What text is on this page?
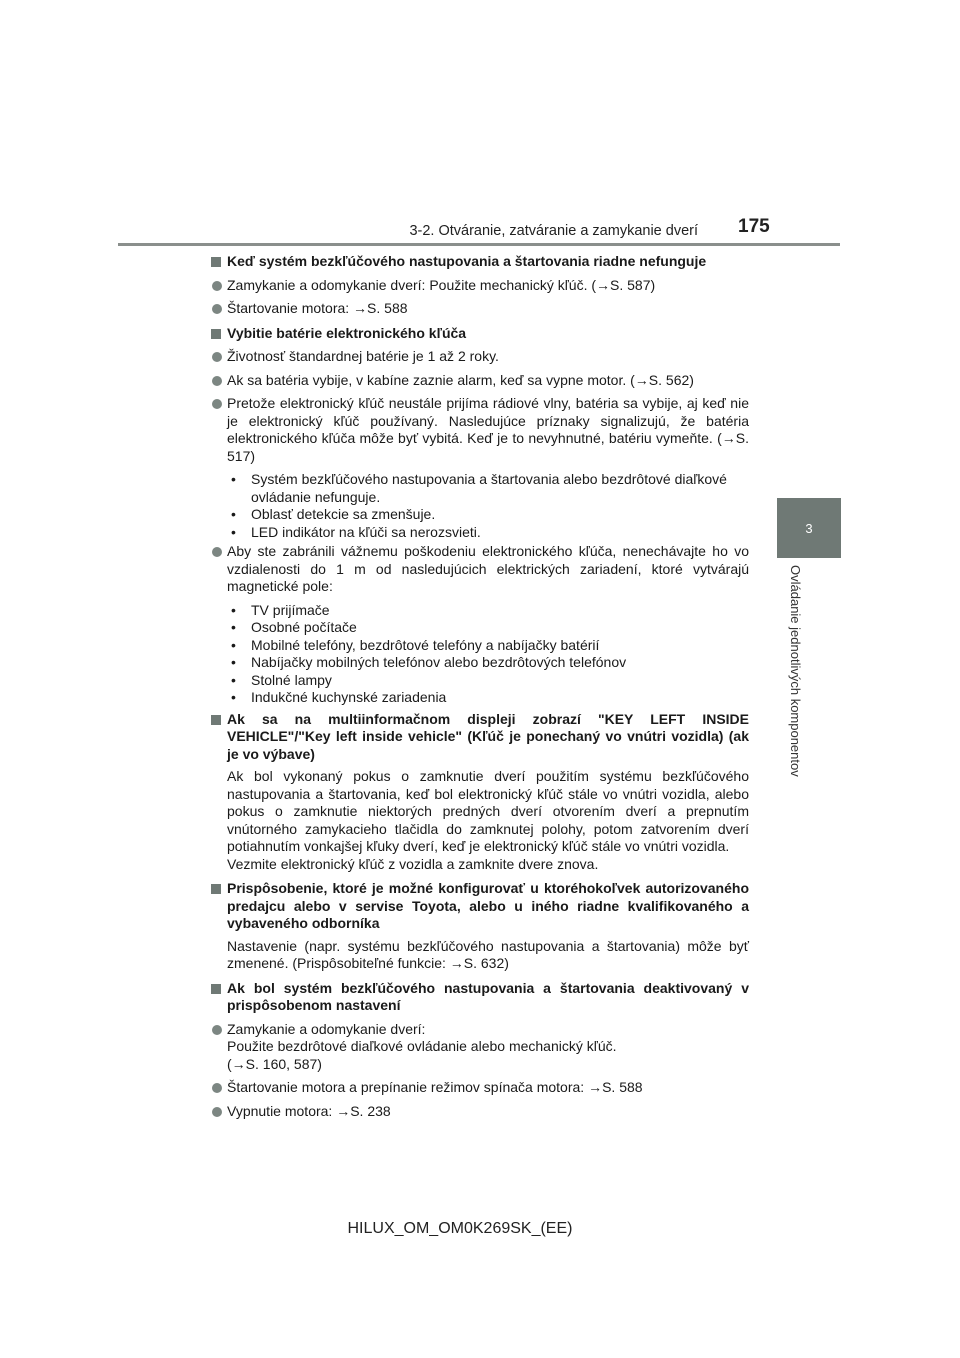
3-2. Otváranie, zatváranie a zamykanie dverí 175
3
Ovládanie jednotlivých komponentov
Keď systém bezkľúčového nastupovania a štartovania riadne nefunguje
Zamykanie a odomykanie dverí: Použite mechanický kľúč. (→S. 587)
Štartovanie motora: →S. 588
Vybitie batérie elektronického kľúča
Životnosť štandardnej batérie je 1 až 2 roky.
Ak sa batéria vybije, v kabíne zaznie alarm, keď sa vypne motor. (→S. 562)
Pretože elektronický kľúč neustále prijíma rádiové vlny, batéria sa vybije, aj keď nie je elektronický kľúč používaný. Nasledujúce príznaky signalizujú, že batéria elektronického kľúča môže byť vybitá. Keď je to nevyhnutné, batériu vymeňte. (→S. 517)
• Systém bezkľúčového nastupovania a štartovania alebo bezdrôtové diaľkové ovládanie nefunguje.
• Oblasť detekcie sa zmenšuje.
• LED indikátor na kľúči sa nerozsvieti.
Aby ste zabránili vážnemu poškodeniu elektronického kľúča, nenechávajte ho vo vzdialenosti do 1 m od nasledujúcich elektrických zariadení, ktoré vytvárajú magnetické pole:
• TV prijímače
• Osobné počítače
• Mobilné telefóny, bezdrôtové telefóny a nabíjačky batérií
• Nabíjačky mobilných telefónov alebo bezdrôtových telefónov
• Stolné lampy
• Indukčné kuchynské zariadenia
Ak sa na multiinformačnom displeji zobrazí "KEY LEFT INSIDE VEHICLE"/"Key left inside vehicle" (Kľúč je ponechaný vo vnútri vozidla) (ak je vo výbave)
Ak bol vykonaný pokus o zamknutie dverí použitím systému bezkľúčového nastupovania a štartovania, keď bol elektronický kľúč stále vo vnútri vozidla, alebo pokus o zamknutie niektorých predných dverí otvorením dverí a prepnutím vnútorného zamykacieho tlačidla do zamknutej polohy, potom zatvorením dverí potiahnutím vonkajšej kľuky dverí, keď je elektronický kľúč stále vo vnútri vozidla.
Vezmite elektronický kľúč z vozidla a zamknite dvere znova.
Prispôsobenie, ktoré je možné konfigurovať u ktoréhokoľvek autorizovaného predajcu alebo v servise Toyota, alebo u iného riadne kvalifikovaného a vybaveného odborníka
Nastavenie (napr. systému bezkľúčového nastupovania a štartovania) môže byť zmenené. (Prispôsobiteľné funkcie: →S. 632)
Ak bol systém bezkľúčového nastupovania a štartovania deaktivovaný v prispôsobenom nastavení
Zamykanie a odomykanie dverí:
Použite bezdrôtové diaľkové ovládanie alebo mechanický kľúč.
(→S. 160, 587)
Štartovanie motora a prepínanie režimov spínača motora: →S. 588
Vypnutie motora: →S. 238
HILUX_OM_OM0K269SK_(EE)
